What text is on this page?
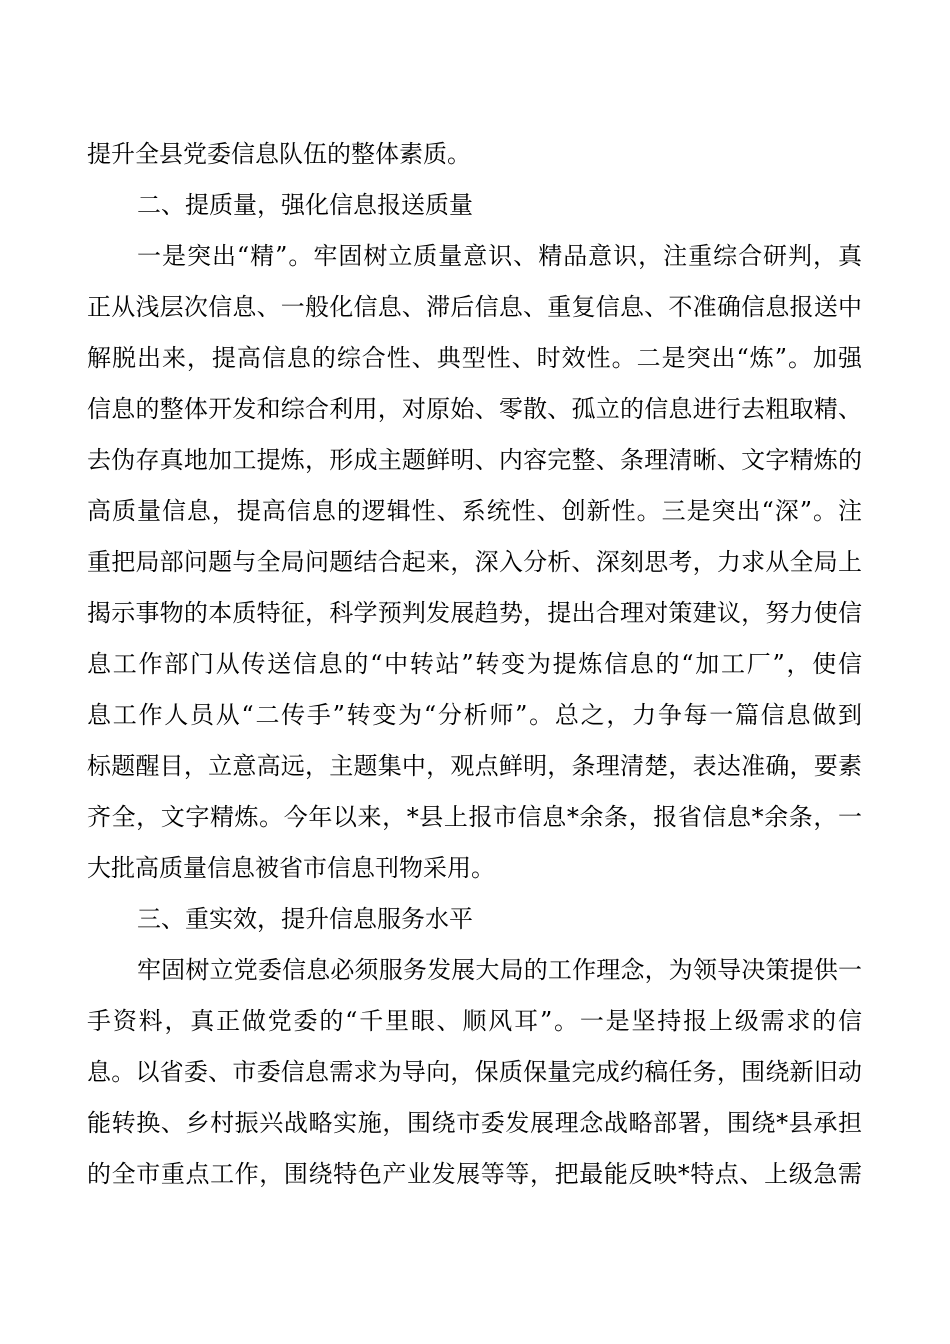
提升全县党委信息队伍的整体素质。
二、提质量，强化信息报送质量
一是突出“精”。牢固树立质量意识、精品意识，注重综合研判，真
正从浅层次信息、一般化信息、滞后信息、重复信息、不准确信息报送中
解脱出来，提高信息的综合性、典型性、时效性。二是突出“炼”。加强
信息的整体开发和综合利用，对原始、零散、孤立的信息进行去粗取精、
去伪存真地加工提炼，形成主题鲜明、内容完整、条理清晰、文字精炼的
高质量信息，提高信息的逻辑性、系统性、创新性。三是突出“深”。注
重把局部问题与全局问题结合起来，深入分析、深刻思考，力求从全局上
揭示事物的本质特征，科学预判发展趋势，提出合理对策建议，努力使信
息工作部门从传送信息的“中转站”转变为提炼信息的“加工厂”，使信
息工作人员从“二传手”转变为“分析师”。总之，力争每一篇信息做到
标题醒目，立意高远，主题集中，观点鲜明，条理清楚，表达准确，要素
齐全，文字精炼。今年以来，*县上报市信息*余条，报省信息*余条，一
大批高质量信息被省市信息刊物采用。
三、重实效，提升信息服务水平
牢固树立党委信息必须服务发展大局的工作理念，为领导决策提供一
手资料，真正做党委的“千里眼、顺风耳”。一是坚持报上级需求的信
息。以省委、市委信息需求为导向，保质保量完成约稿任务，围绕新旧动
能转换、乡村振兴战略实施，围绕市委发展理念战略部署，围绕*县承担
的全市重点工作，围绕特色产业发展等等，把最能反映*特点、上级急需
